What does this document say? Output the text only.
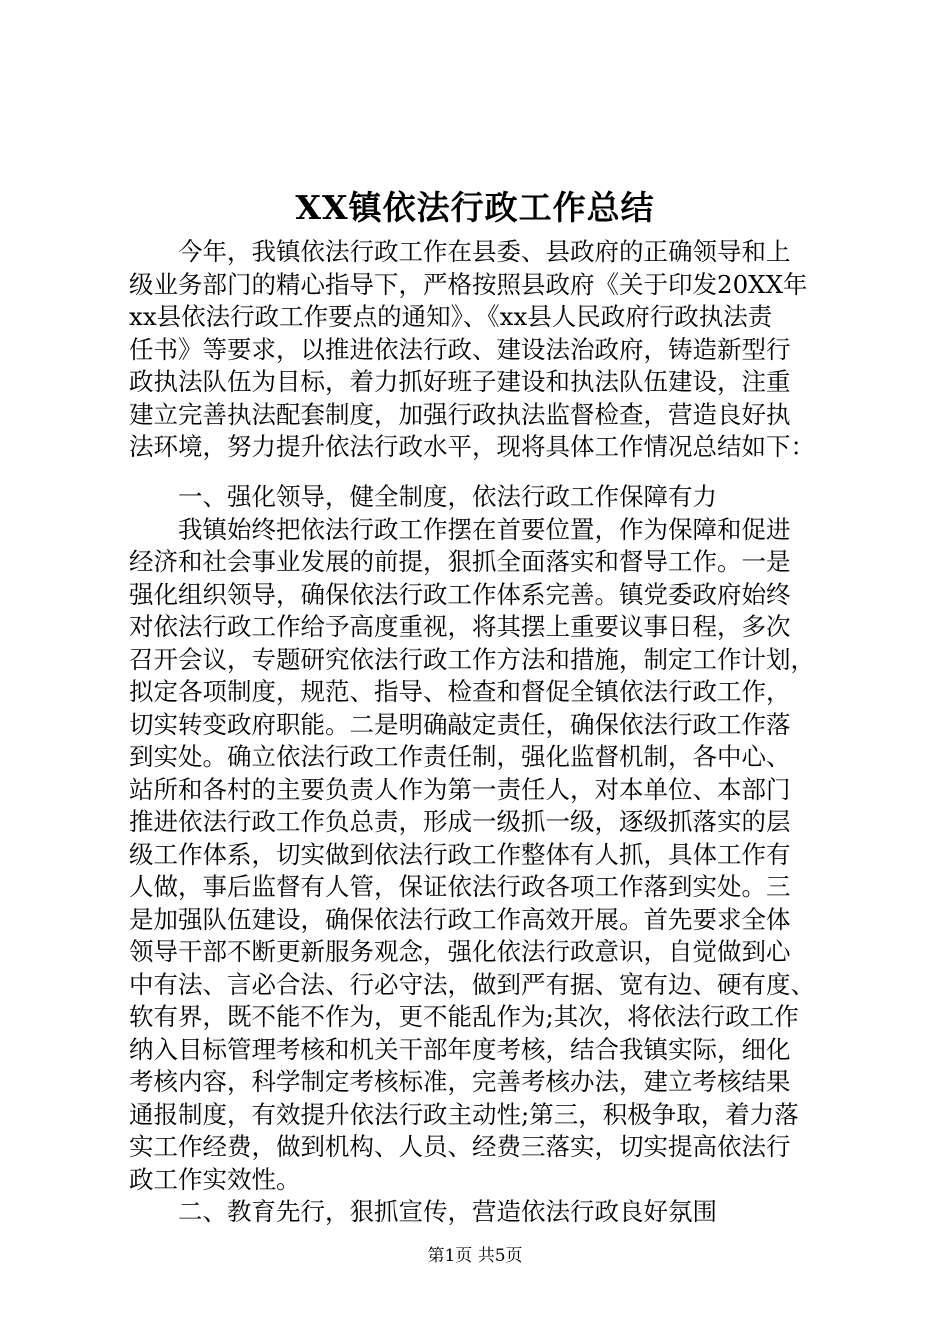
XX镇依法行政工作总结
　　今年，我镇依法行政工作在县委、县政府的正确领导和上
级业务部门的精心指导下，严格按照县政府《关于印发20XX年
xx县依法行政工作要点的通知》、《xx县人民政府行政执法责
任书》等要求，以推进依法行政、建设法治政府，铸造新型行
政执法队伍为目标，着力抓好班子建设和执法队伍建设，注重
建立完善执法配套制度，加强行政执法监督检查，营造良好执
法环境，努力提升依法行政水平，现将具体工作情况总结如下：
　　一、强化领导，健全制度，依法行政工作保障有力
　　我镇始终把依法行政工作摆在首要位置，作为保障和促进
经济和社会事业发展的前提，狠抓全面落实和督导工作。一是
强化组织领导，确保依法行政工作体系完善。镇党委政府始终
对依法行政工作给予高度重视，将其摆上重要议事日程，多次
召开会议，专题研究依法行政工作方法和措施，制定工作计划，
拟定各项制度，规范、指导、检查和督促全镇依法行政工作，
切实转变政府职能。二是明确敲定责任，确保依法行政工作落
到实处。确立依法行政工作责任制，强化监督机制，各中心、
站所和各村的主要负责人作为第一责任人，对本单位、本部门
推进依法行政工作负总责，形成一级抓一级，逐级抓落实的层
级工作体系，切实做到依法行政工作整体有人抓，具体工作有
人做，事后监督有人管，保证依法行政各项工作落到实处。三
是加强队伍建设，确保依法行政工作高效开展。首先要求全体
领导干部不断更新服务观念，强化依法行政意识，自觉做到心
中有法、言必合法、行必守法，做到严有据、宽有边、硬有度、
软有界，既不能不作为，更不能乱作为;其次，将依法行政工作
纳入目标管理考核和机关干部年度考核，结合我镇实际，细化
考核内容，科学制定考核标准，完善考核办法，建立考核结果
通报制度，有效提升依法行政主动性;第三，积极争取，着力落
实工作经费，做到机构、人员、经费三落实，切实提高依法行
政工作实效性。
　　二、教育先行，狠抓宣传，营造依法行政良好氛围
第1页 共5页
